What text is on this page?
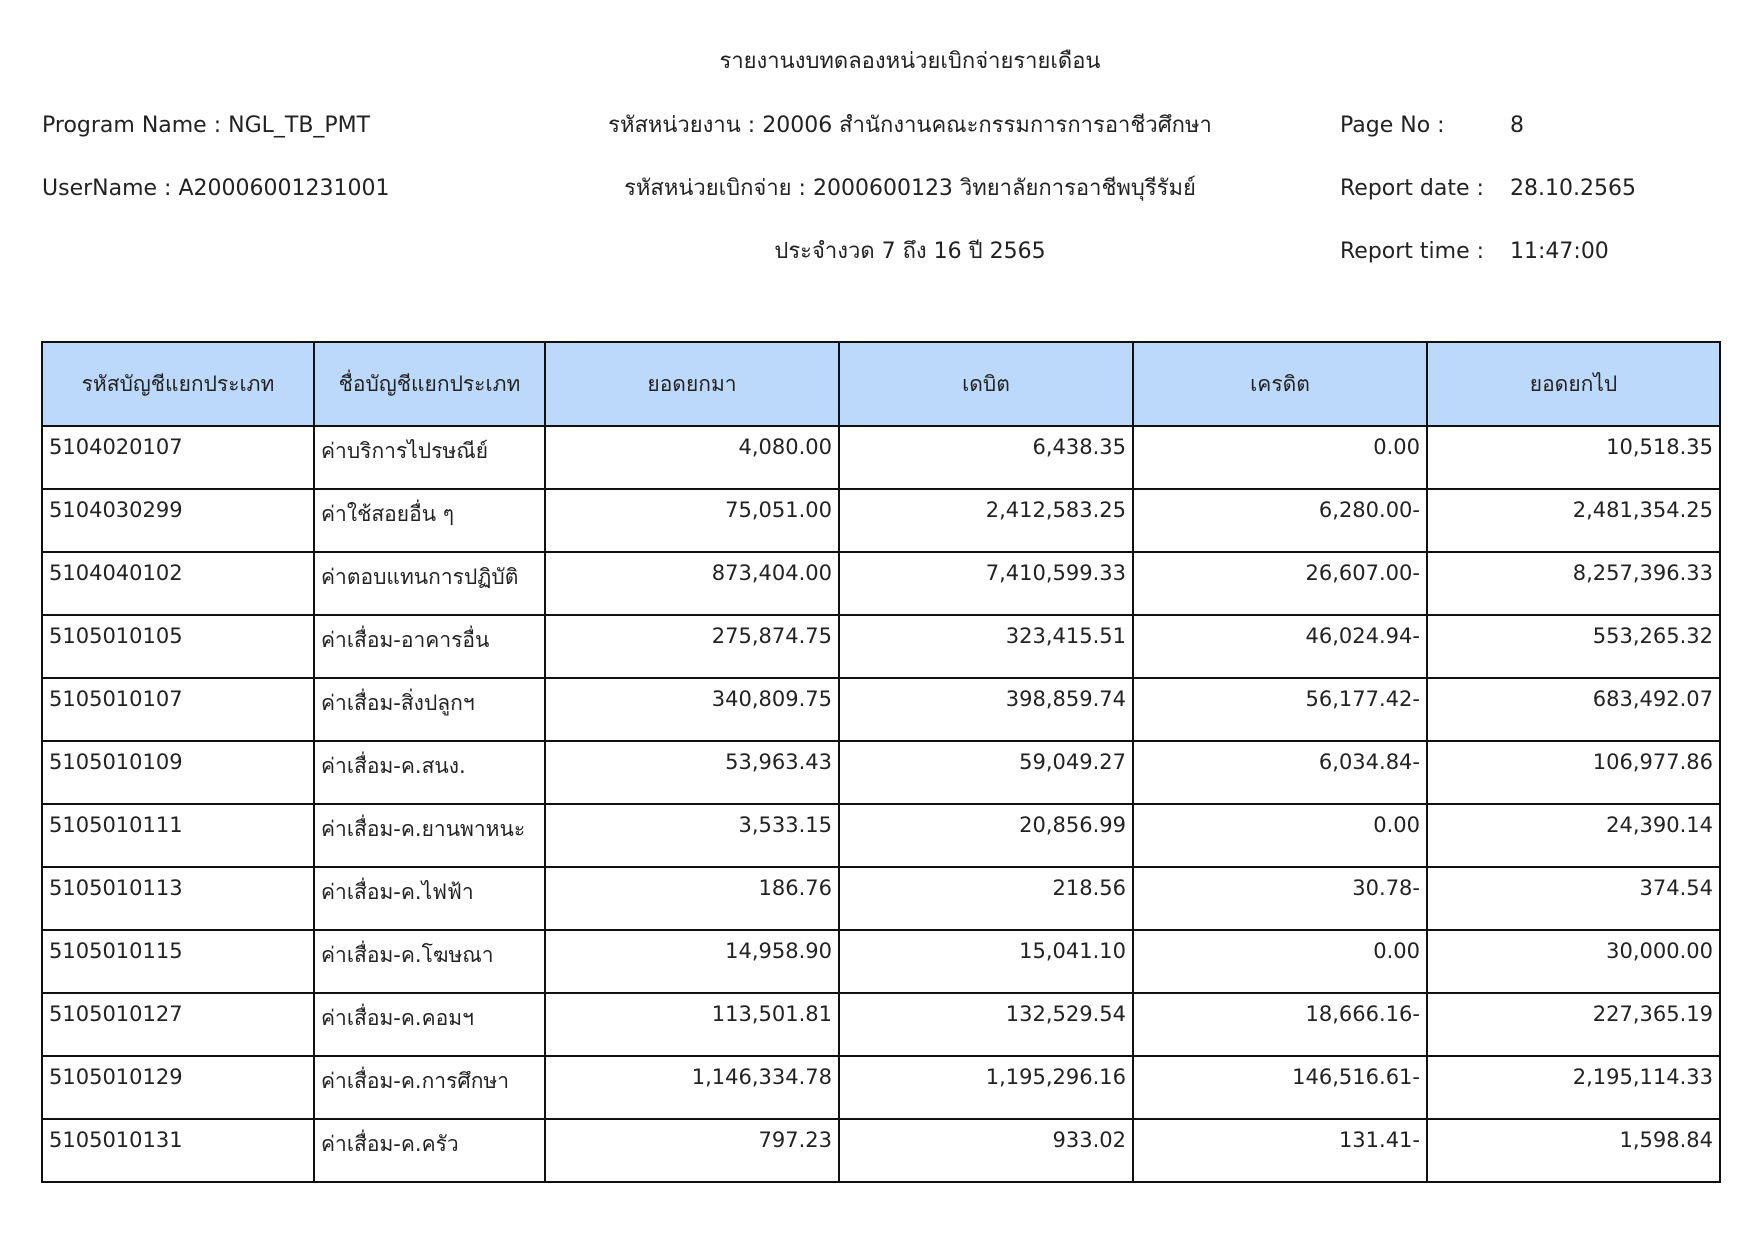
รายงานงบทดลองหน่วยเบิกจ่ายรายเดือน
Program Name : NGL_TB_PMT
UserName : A20006001231001
รหัสหน่วยงาน : 20006 สำนักงานคณะกรรมการการอาชีวศึกษา
รหัสหน่วยเบิกจ่าย : 2000600123 วิทยาลัยการอาชีพบุรีรัมย์
ประจำงวด 7 ถึง 16 ปี 2565
Page No :	8
Report date : 28.10.2565
Report time : 11:47:00
รหัสบัญชีแยกประเภท	ชื่อบัญชีแยกประเภท	ยอดยกมา	เดบิต	เครดิต	ยอดยกไป
5104020107	ค่าบริการไปรษณีย์	4,080.00	6,438.35	0.00	10,518.35
5104030299	ค่าใช้สอยอื่น ๆ	75,051.00	2,412,583.25	6,280.00-	2,481,354.25
5104040102	ค่าตอบแทนการปฏิบัติ	873,404.00	7,410,599.33	26,607.00-	8,257,396.33
5105010105	ค่าเสื่อม-อาคารอื่น	275,874.75	323,415.51	46,024.94-	553,265.32
5105010107	ค่าเสื่อม-สิ่งปลูกฯ	340,809.75	398,859.74	56,177.42-	683,492.07
5105010109	ค่าเสื่อม-ค.สนง.	53,963.43	59,049.27	6,034.84-	106,977.86
5105010111	ค่าเสื่อม-ค.ยานพาหนะ	3,533.15	20,856.99	0.00	24,390.14
5105010113	ค่าเสื่อม-ค.ไฟฟ้า	186.76	218.56	30.78-	374.54
5105010115	ค่าเสื่อม-ค.โฆษณา	14,958.90	15,041.10	0.00	30,000.00
5105010127	ค่าเสื่อม-ค.คอมฯ	113,501.81	132,529.54	18,666.16-	227,365.19
5105010129	ค่าเสื่อม-ค.การศึกษา	1,146,334.78	1,195,296.16	146,516.61-	2,195,114.33
5105010131	ค่าเสื่อม-ค.ครัว	797.23	933.02	131.41-	1,598.84
